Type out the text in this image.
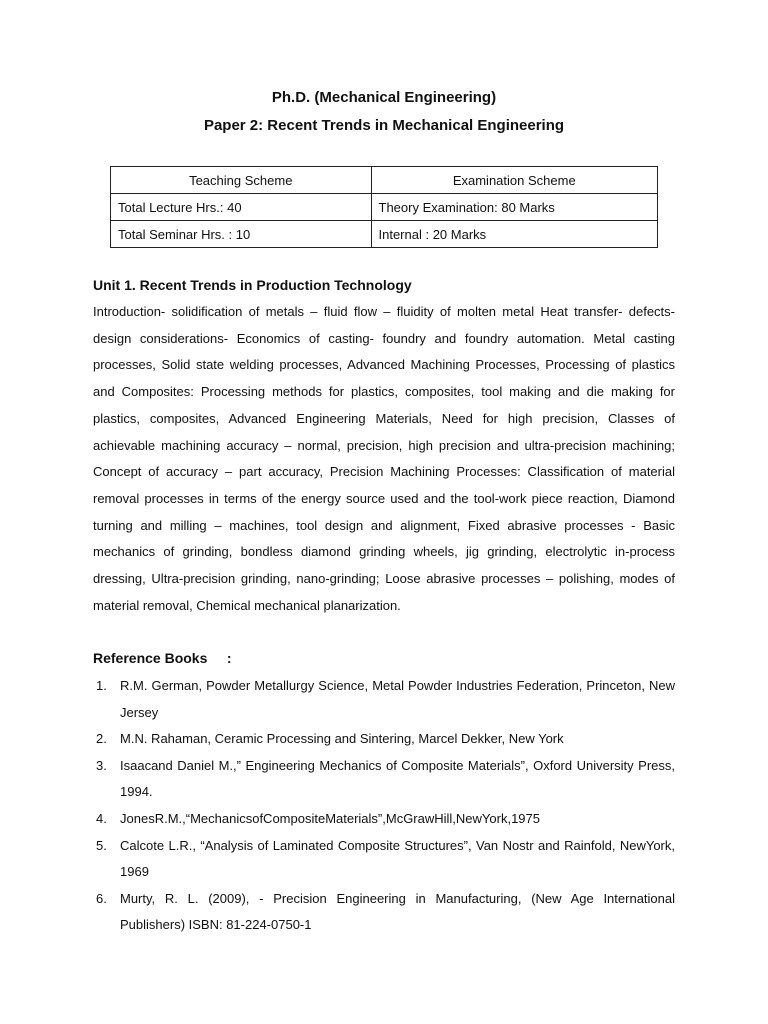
Ph.D. (Mechanical Engineering)
Paper 2: Recent Trends in Mechanical Engineering
Teaching Scheme	Examination Scheme
Total Lecture Hrs.: 40	Theory Examination: 80 Marks
Total Seminar Hrs. : 10	Internal : 20 Marks
Unit 1. Recent Trends in Production Technology
Introduction- solidification of metals – fluid flow – fluidity of molten metal Heat transfer- defects- design considerations- Economics of casting- foundry and foundry automation. Metal casting processes, Solid state welding processes, Advanced Machining Processes, Processing of plastics and Composites: Processing methods for plastics, composites, tool making and die making for plastics, composites, Advanced Engineering Materials, Need for high precision, Classes of achievable machining accuracy – normal, precision, high precision and ultra-precision machining; Concept of accuracy – part accuracy, Precision Machining Processes: Classification of material removal processes in terms of the energy source used and the tool-work piece reaction, Diamond turning and milling – machines, tool design and alignment, Fixed abrasive processes - Basic mechanics of grinding, bondless diamond grinding wheels, jig grinding, electrolytic in-process dressing, Ultra-precision grinding, nano-grinding; Loose abrasive processes – polishing, modes of material removal, Chemical mechanical planarization.
Reference Books     :
1. R.M. German, Powder Metallurgy Science, Metal Powder Industries Federation, Princeton, New Jersey
2. M.N. Rahaman, Ceramic Processing and Sintering, Marcel Dekker, New York
3. Isaacand Daniel M.,” Engineering Mechanics of Composite Materials”, Oxford University Press, 1994.
4. JonesR.M.,“MechanicsofCompositeMaterials”,McGrawHill,NewYork,1975
5. Calcote L.R., “Analysis of Laminated Composite Structures”, Van Nostr and Rainfold, NewYork, 1969
6. Murty, R. L. (2009), - Precision Engineering in Manufacturing, (New Age International Publishers) ISBN: 81-224-0750-1
